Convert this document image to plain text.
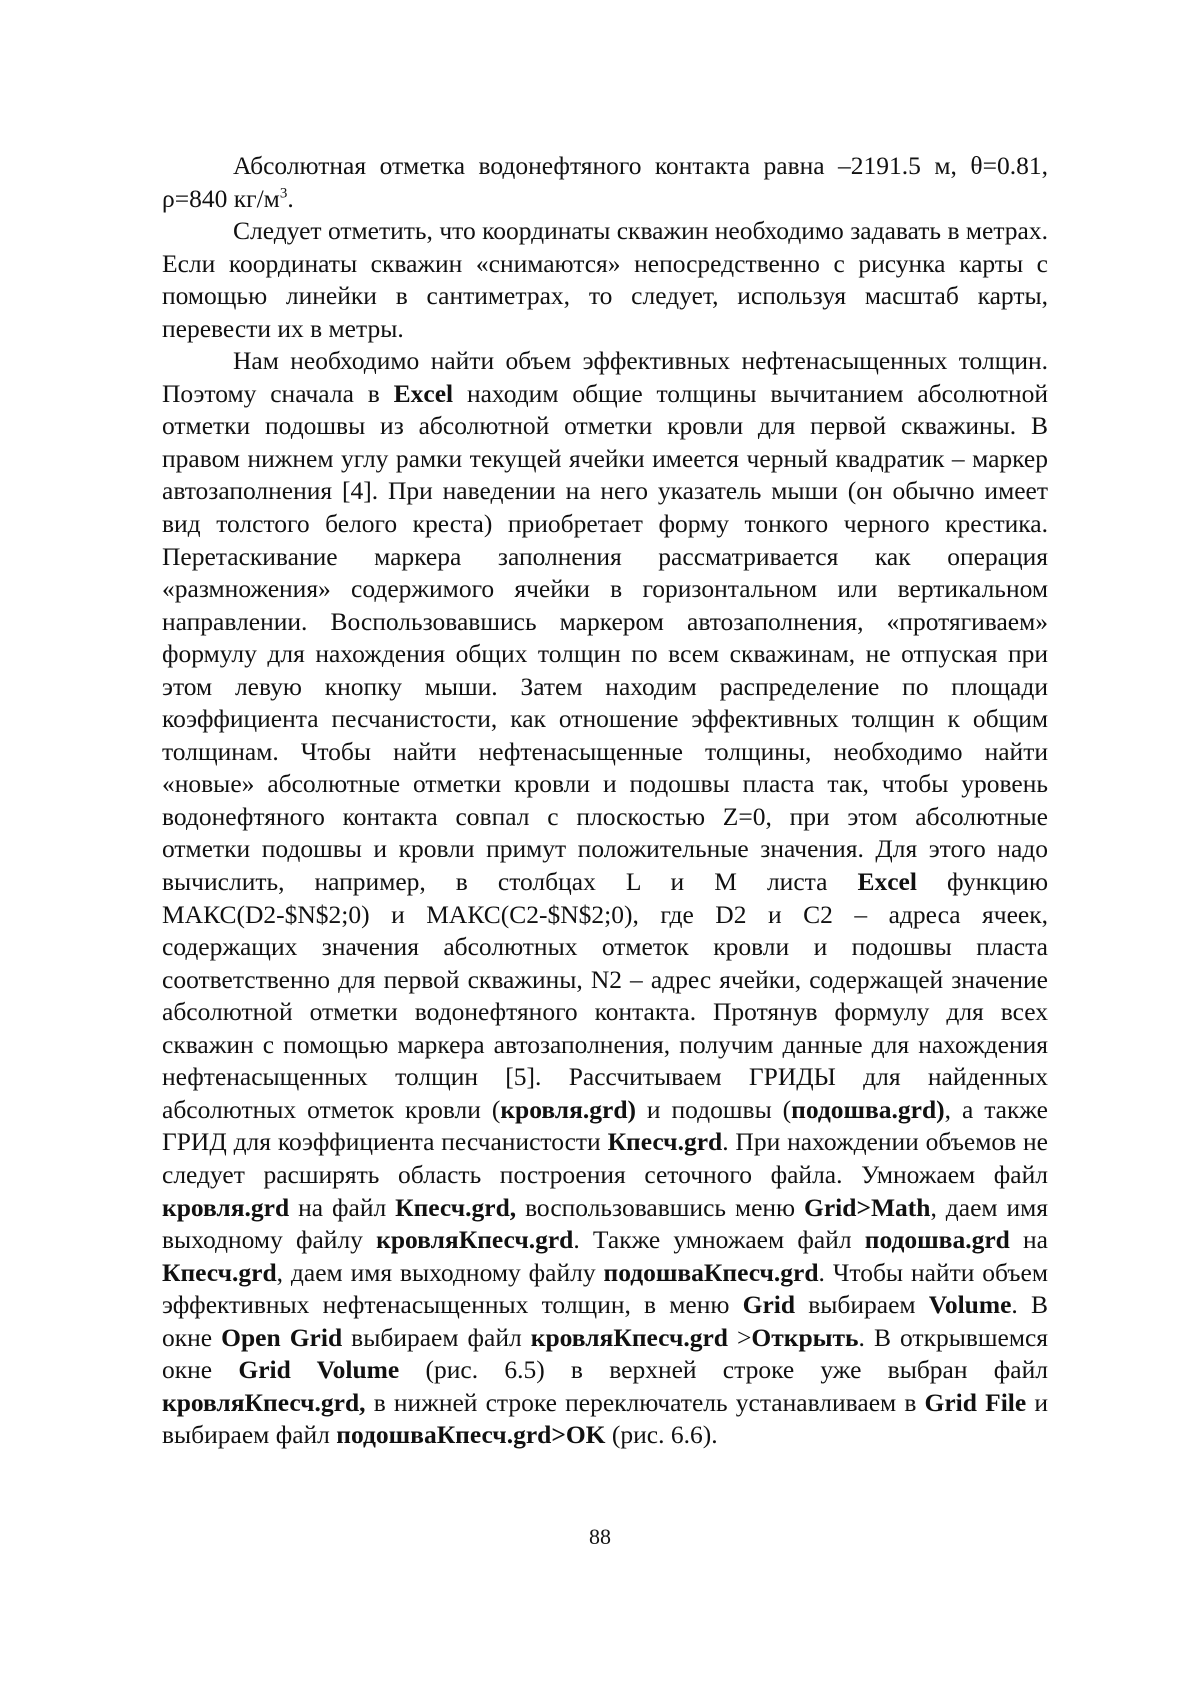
Абсолютная отметка водонефтяного контакта равна –2191.5 м, θ=0.81, ρ=840 $кг/м^3$.

Следует отметить, что координаты скважин необходимо задавать в метрах. Если координаты скважин «снимаются» непосредственно с рисунка карты с помощью линейки в сантиметрах, то следует, используя масштаб карты, перевести их в метры.

Нам необходимо найти объем эффективных нефтенасыщенных толщин. Поэтому сначала в Excel находим общие толщины вычитанием абсолютной отметки подошвы из абсолютной отметки кровли для первой скважины. В правом нижнем углу рамки текущей ячейки имеется черный квадратик – маркер автозаполнения [4]. При наведении на него указатель мыши (он обычно имеет вид толстого белого креста) приобретает форму тонкого черного крестика. Перетаскивание маркера заполнения рассматривается как операция «размножения» содержимого ячейки в горизонтальном или вертикальном направлении. Воспользовавшись маркером автозаполнения, «протягиваем» формулу для нахождения общих толщин по всем скважинам, не отпуская при этом левую кнопку мыши. Затем находим распределение по площади коэффициента песчанистости, как отношение эффективных толщин к общим толщинам. Чтобы найти нефтенасыщенные толщины, необходимо найти «новые» абсолютные отметки кровли и подошвы пласта так, чтобы уровень водонефтяного контакта совпал с плоскостью Z=0, при этом абсолютные отметки подошвы и кровли примут положительные значения. Для этого надо вычислить, например, в столбцах L и M листа Excel функцию МАКС(D2-$N$2;0) и МАКС(C2-$N$2;0), где D2 и C2 – адреса ячеек, содержащих значения абсолютных отметок кровли и подошвы пласта соответственно для первой скважины, N2 – адрес ячейки, содержащей значение абсолютной отметки водонефтяного контакта. Протянув формулу для всех скважин с помощью маркера автозаполнения, получим данные для нахождения нефтенасыщенных толщин [5]. Рассчитываем ГРИДЫ для найденных абсолютных отметок кровли (кровля.grd) и подошвы (подошва.grd), а также ГРИД для коэффициента песчанистости Кпесч.grd. При нахождении объемов не следует расширять область построения сеточного файла. Умножаем файл кровля.grd на файл Кпесч.grd, воспользовавшись меню Grid>Math, даем имя выходному файлу кровляКпесч.grd. Также умножаем файл подошва.grd на Кпесч.grd, даем имя выходному файлу подошваКпесч.grd. Чтобы найти объем эффективных нефтенасыщенных толщин, в меню Grid выбираем Volume. В окне Open Grid выбираем файл кровляКпесч.grd >Открыть. В открывшемся окне Grid Volume (рис. 6.5) в верхней строке уже выбран файл кровляКпесч.grd, в нижней строке переключатель устанавливаем в Grid File и выбираем файл подошваКпесч.grd>OK (рис. 6.6).

88
